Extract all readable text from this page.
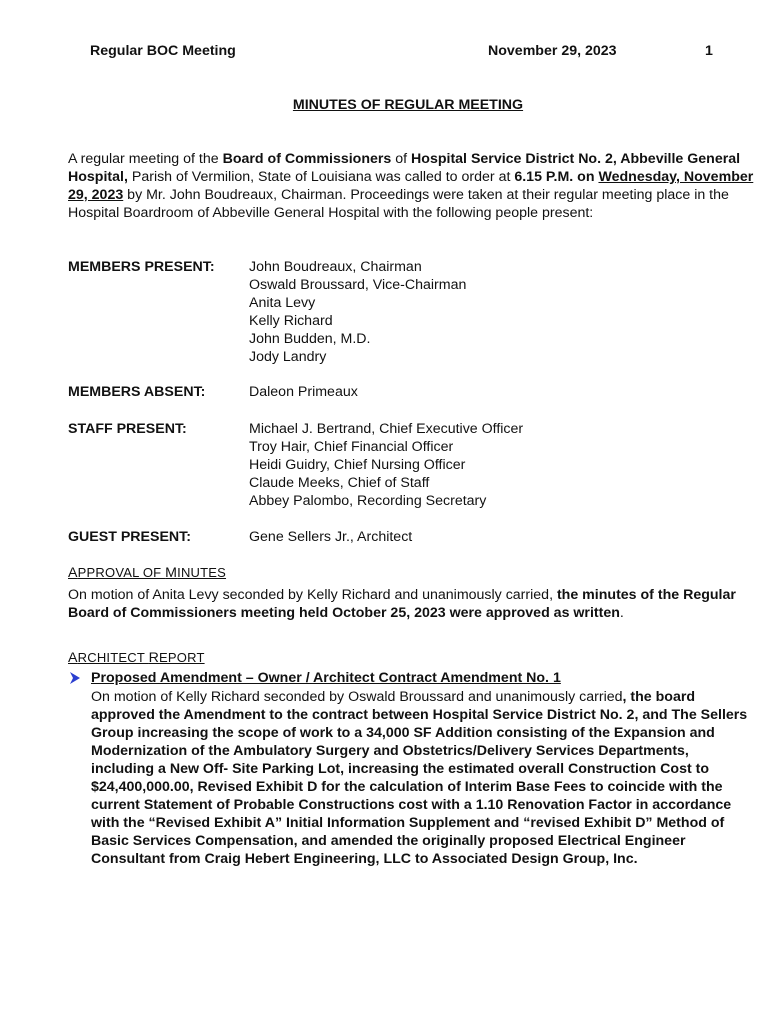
Regular BOC Meeting	November 29, 2023	1
MINUTES OF REGULAR MEETING
A regular meeting of the Board of Commissioners of Hospital Service District No. 2, Abbeville General Hospital, Parish of Vermilion, State of Louisiana was called to order at 6.15 P.M. on Wednesday, November 29, 2023 by Mr. John Boudreaux, Chairman. Proceedings were taken at their regular meeting place in the Hospital Boardroom of Abbeville General Hospital with the following people present:
MEMBERS PRESENT: John Boudreaux, Chairman
Oswald Broussard, Vice-Chairman
Anita Levy
Kelly Richard
John Budden, M.D.
Jody Landry
MEMBERS ABSENT:	Daleon Primeaux
STAFF PRESENT:	Michael J. Bertrand, Chief Executive Officer
Troy Hair, Chief Financial Officer
Heidi Guidry, Chief Nursing Officer
Claude Meeks, Chief of Staff
Abbey Palombo, Recording Secretary
GUEST PRESENT:	Gene Sellers Jr., Architect
APPROVAL OF MINUTES
On motion of Anita Levy seconded by Kelly Richard and unanimously carried, the minutes of the Regular Board of Commissioners meeting held October 25, 2023 were approved as written.
ARCHITECT REPORT
Proposed Amendment – Owner / Architect Contract Amendment No. 1
On motion of Kelly Richard seconded by Oswald Broussard and unanimously carried, the board approved the Amendment to the contract between Hospital Service District No. 2, and The Sellers Group increasing the scope of work to a 34,000 SF Addition consisting of the Expansion and Modernization of the Ambulatory Surgery and Obstetrics/Delivery Services Departments, including a New Off- Site Parking Lot, increasing the estimated overall Construction Cost to $24,400,000.00, Revised Exhibit D for the calculation of Interim Base Fees to coincide with the current Statement of Probable Constructions cost with a 1.10 Renovation Factor in accordance with the “Revised Exhibit A” Initial Information Supplement and “revised Exhibit D” Method of Basic Services Compensation, and amended the originally proposed Electrical Engineer Consultant from Craig Hebert Engineering, LLC to Associated Design Group, Inc.
